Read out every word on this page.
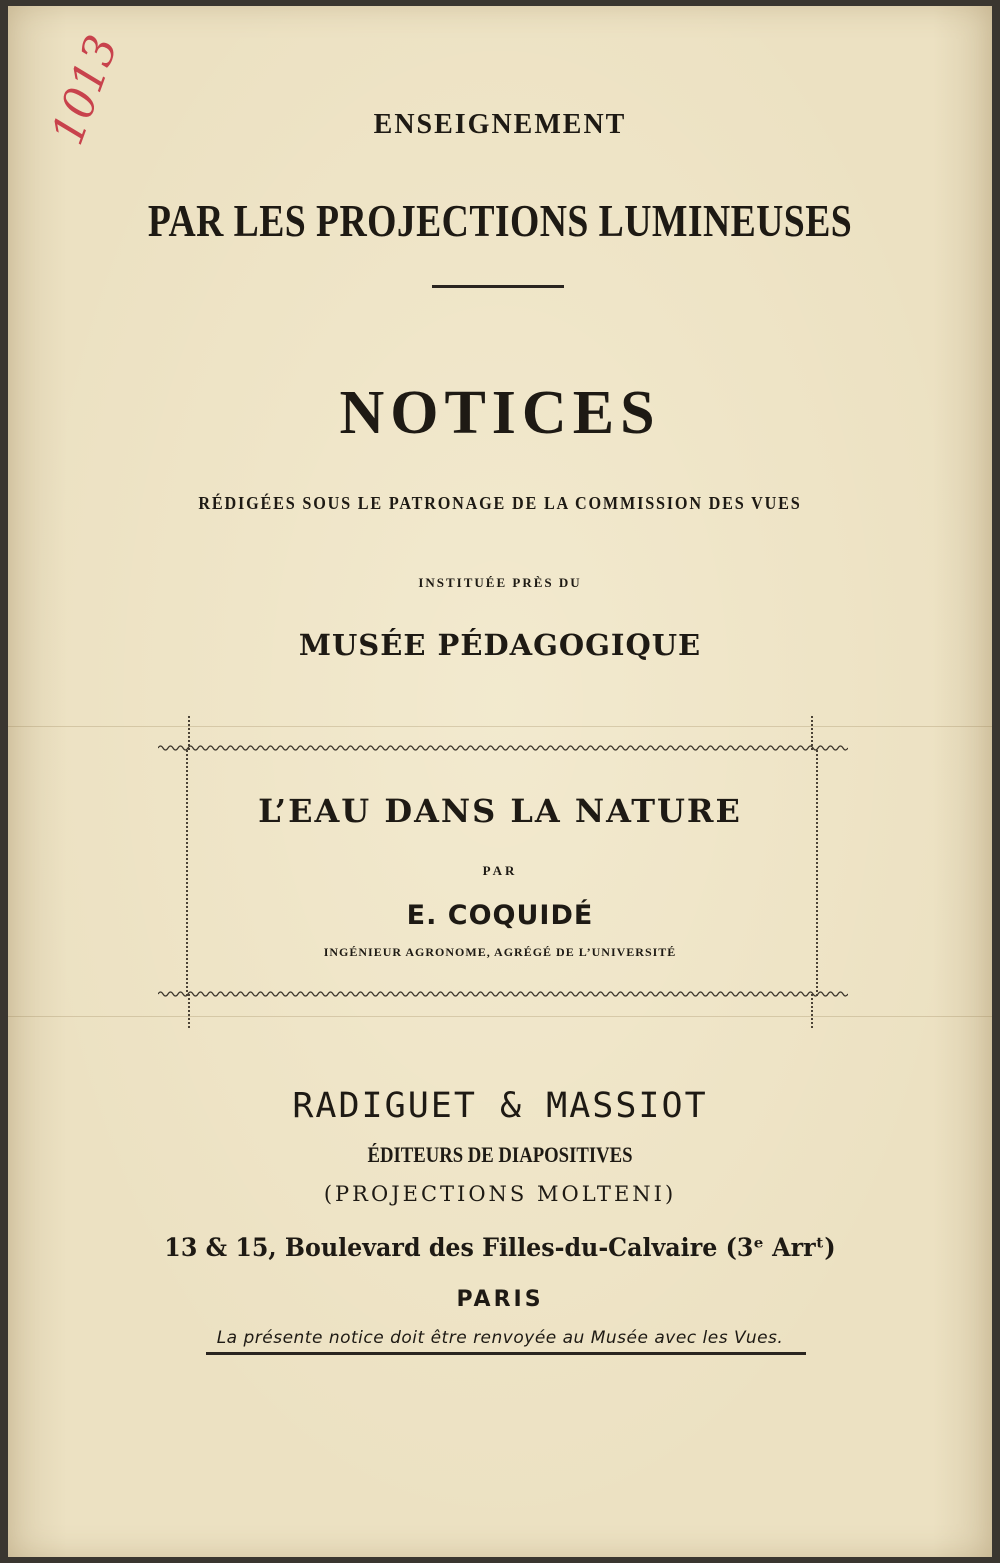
1013	ENSEIGNEMENT
PAR LES PROJECTIONS LUMINEUSES
NOTICES
RÉDIGÉES SOUS LE PATRONAGE DE LA COMMISSION DES VUES
INSTITUÉE PRÈS DU
MUSÉE PÉDAGOGIQUE
L’EAU DANS LA NATURE
PAR
E. COQUIDÉ
INGÉNIEUR AGRONOME, AGRÉGÉ DE L’UNIVERSITÉ
RADIGUET & MASSIOT
ÉDITEURS DE DIAPOSITIVES
(PROJECTIONS MOLTENI)
13 & 15, Boulevard des Filles-du-Calvaire (3ᵉ Arrᵗ)
PARIS
La présente notice doit être renvoyée au Musée avec les Vues.
